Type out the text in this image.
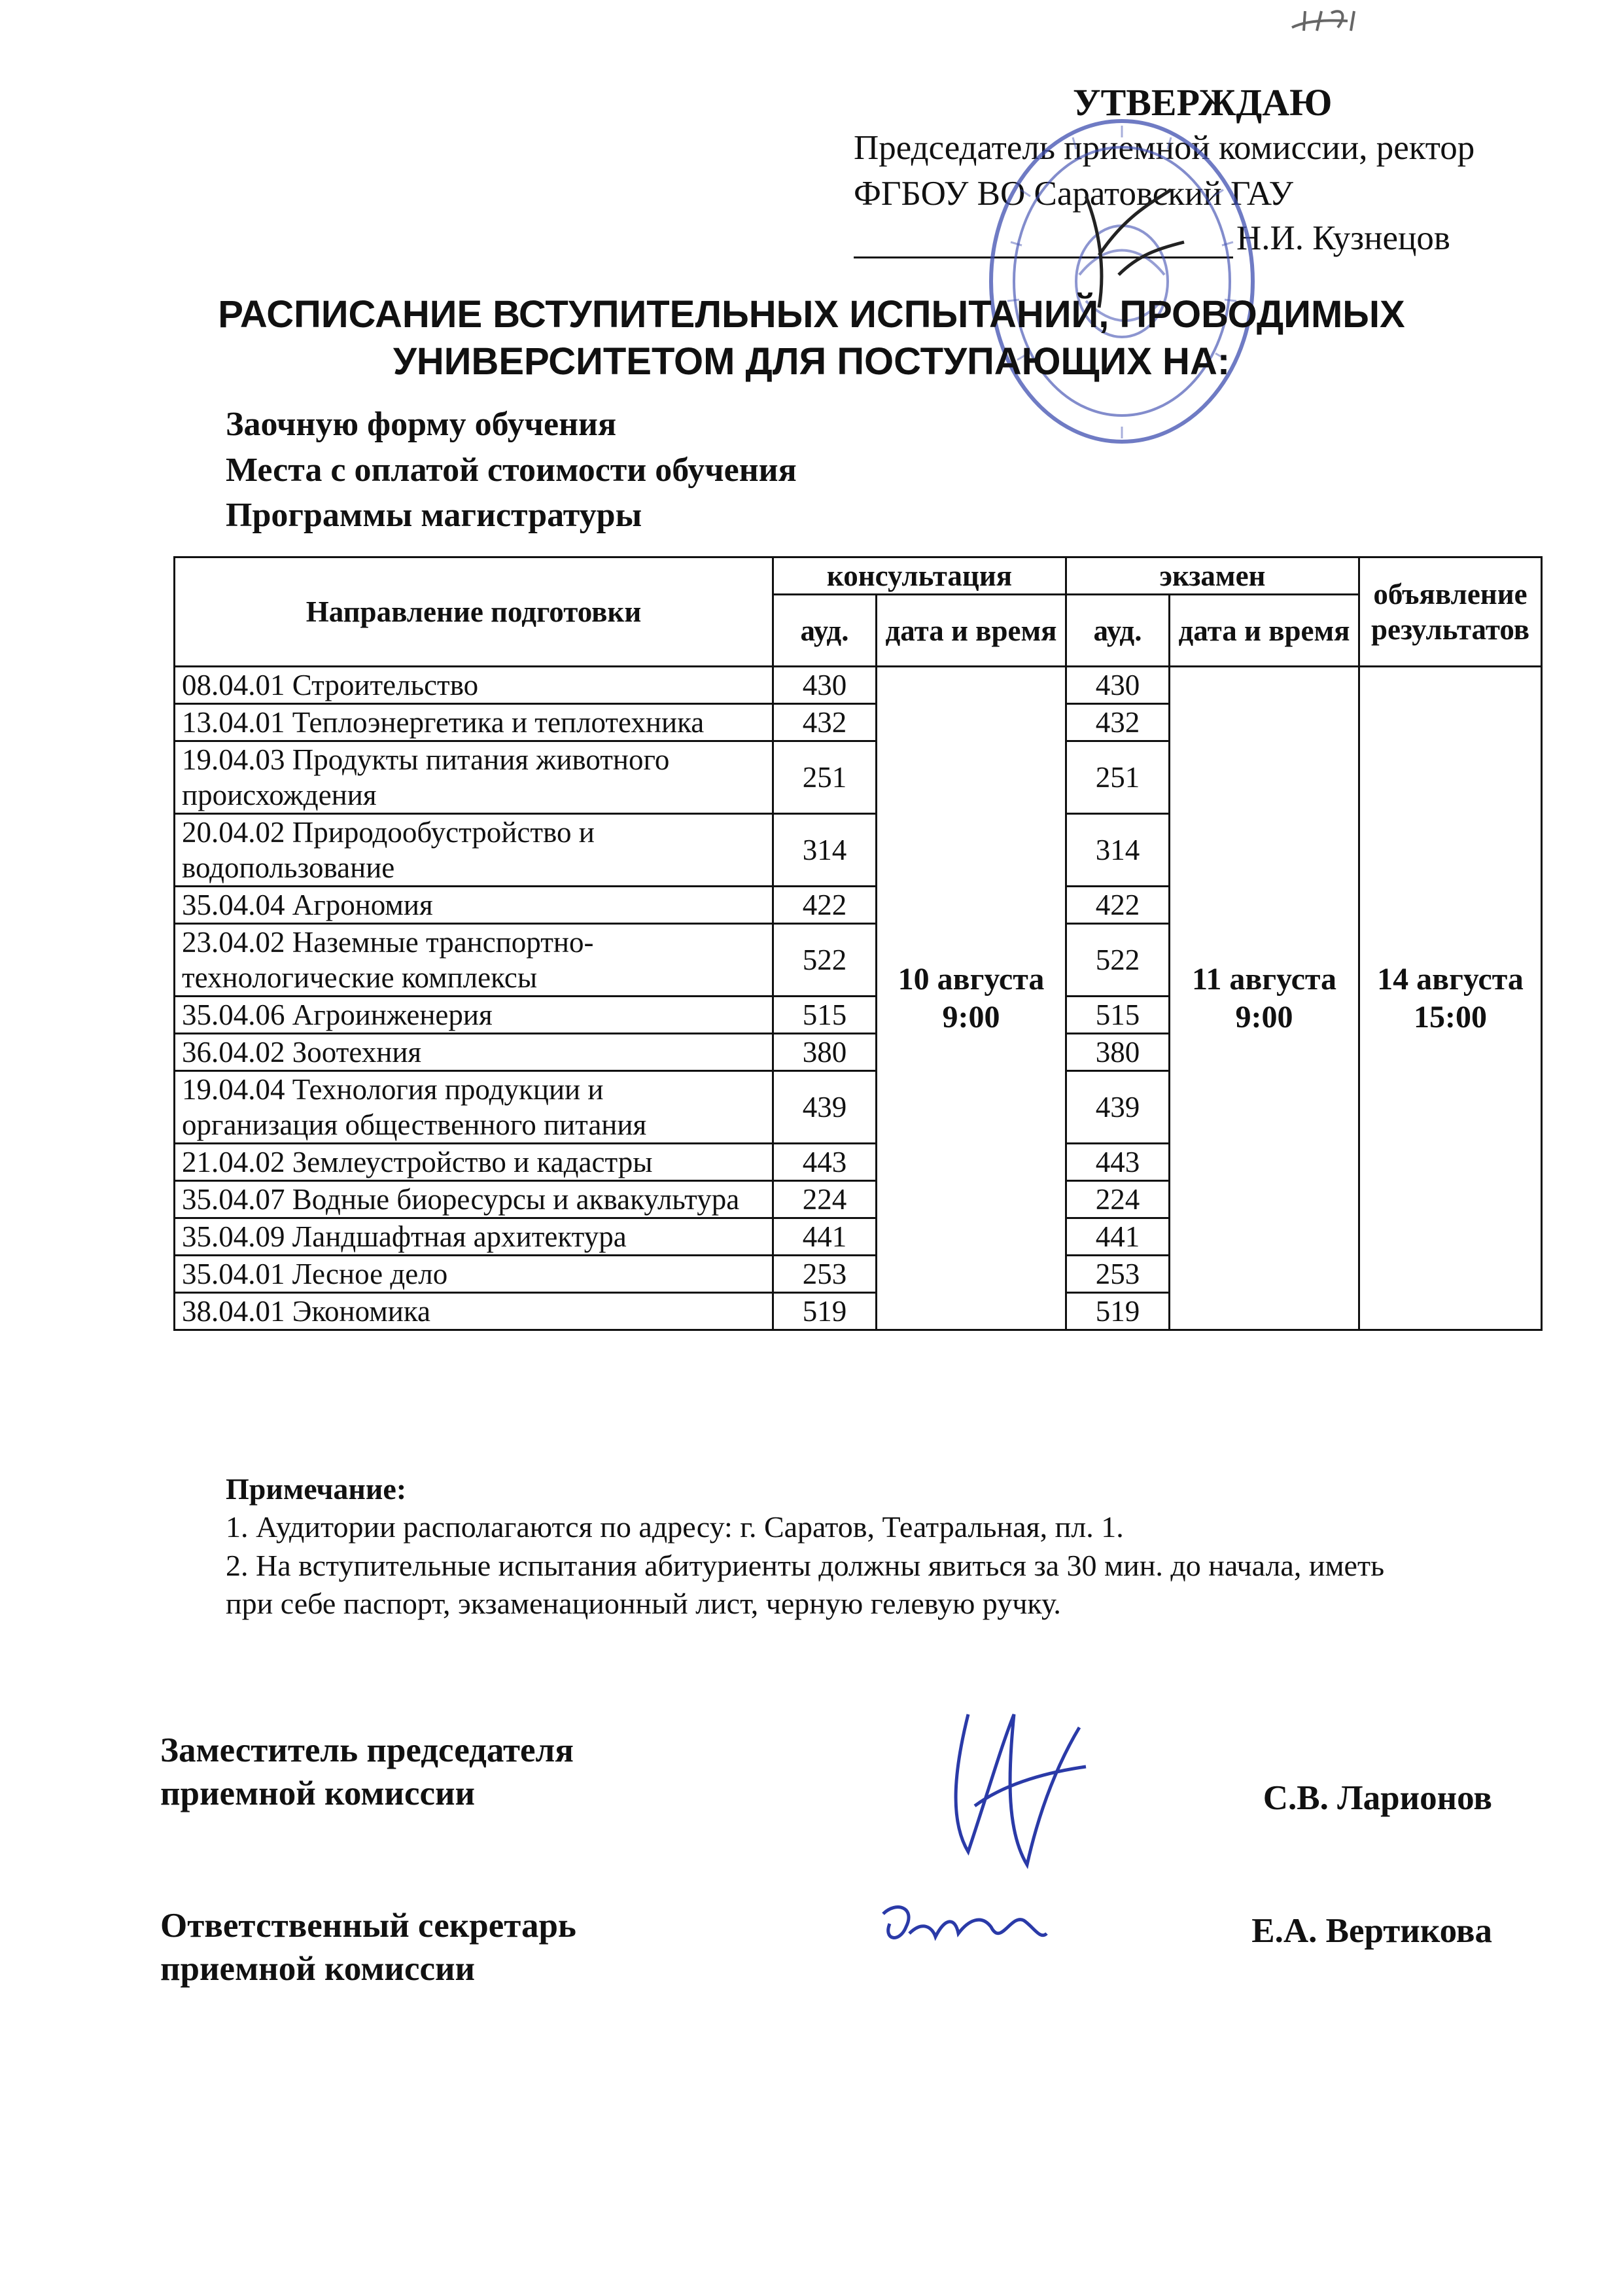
УТВЕРЖДАЮ
Председатель приемной комиссии, ректор
ФГБОУ ВО Саратовский ГАУ
Н.И. Кузнецов
РАСПИСАНИЕ ВСТУПИТЕЛЬНЫХ ИСПЫТАНИЙ, ПРОВОДИМЫХ
УНИВЕРСИТЕТОМ ДЛЯ ПОСТУПАЮЩИХ НА:
Заочную форму обучения
Места с оплатой стоимости обучения
Программы магистратуры
Направление подготовки	консультация		экзамен		объявление результатов
	ауд.	дата и время	ауд.	дата и время	
08.04.01 Строительство	430	10 августа 9:00	430	11 августа 9:00	14 августа 15:00
13.04.01 Теплоэнергетика и теплотехника	432		432		
19.04.03 Продукты питания животного происхождения	251		251		
20.04.02 Природообустройство и водопользование	314		314		
35.04.04 Агрономия	422		422		
23.04.02 Наземные транспортно-технологические комплексы	522		522		
35.04.06 Агроинженерия	515		515		
36.04.02 Зоотехния	380		380		
19.04.04 Технология продукции и организация общественного питания	439		439		
21.04.02 Землеустройство и кадастры	443		443		
35.04.07 Водные биоресурсы и аквакультура	224		224		
35.04.09 Ландшафтная архитектура	441		441		
35.04.01 Лесное дело	253		253		
38.04.01 Экономика	519		519		
Примечание:
1. Аудитории располагаются по адресу: г. Саратов, Театральная, пл. 1.
2. На вступительные испытания абитуриенты должны явиться за 30 мин. до начала, иметь
при себе паспорт, экзаменационный лист, черную гелевую ручку.
Заместитель председателя
приемной комиссии	С.В. Ларионов
Ответственный секретарь
приемной комиссии
Е.А. Вертикова
